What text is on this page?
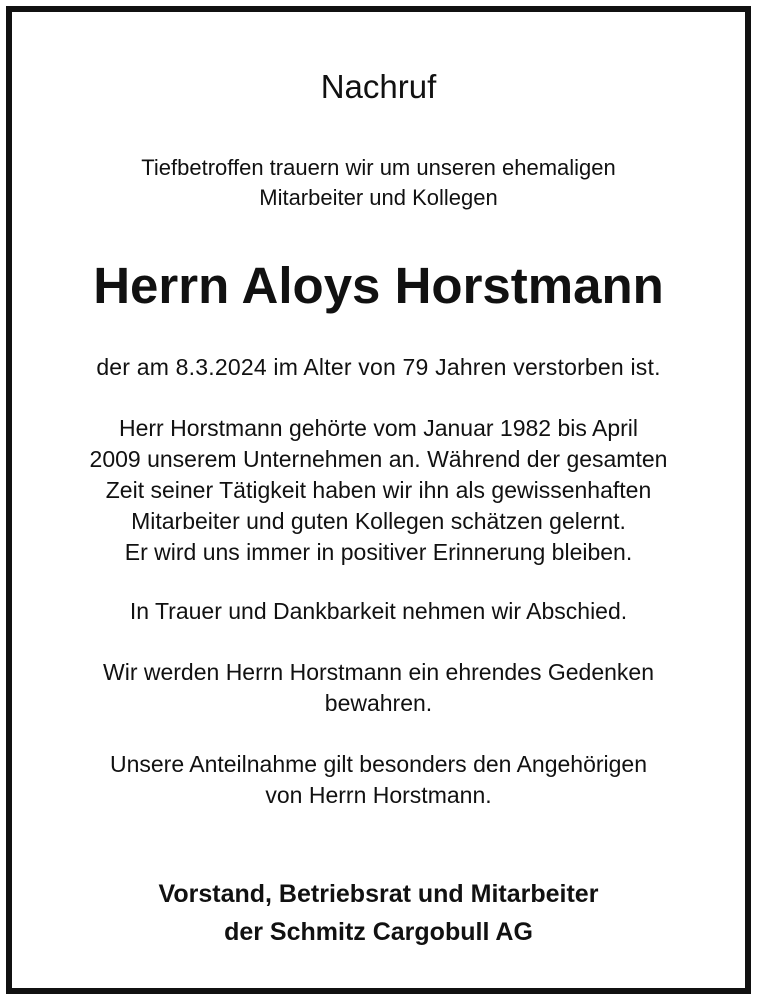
Nachruf
Tiefbetroffen trauern wir um unseren ehemaligen
Mitarbeiter und Kollegen
Herrn Aloys Horstmann
der am 8.3.2024 im Alter von 79 Jahren verstorben ist.
Herr Horstmann gehörte vom Januar 1982 bis April
2009 unserem Unternehmen an. Während der gesamten
Zeit seiner Tätigkeit haben wir ihn als gewissenhaften
Mitarbeiter und guten Kollegen schätzen gelernt.
Er wird uns immer in positiver Erinnerung bleiben.
In Trauer und Dankbarkeit nehmen wir Abschied.
Wir werden Herrn Horstmann ein ehrendes Gedenken
bewahren.
Unsere Anteilnahme gilt besonders den Angehörigen
von Herrn Horstmann.
Vorstand, Betriebsrat und Mitarbeiter
der Schmitz Cargobull AG
